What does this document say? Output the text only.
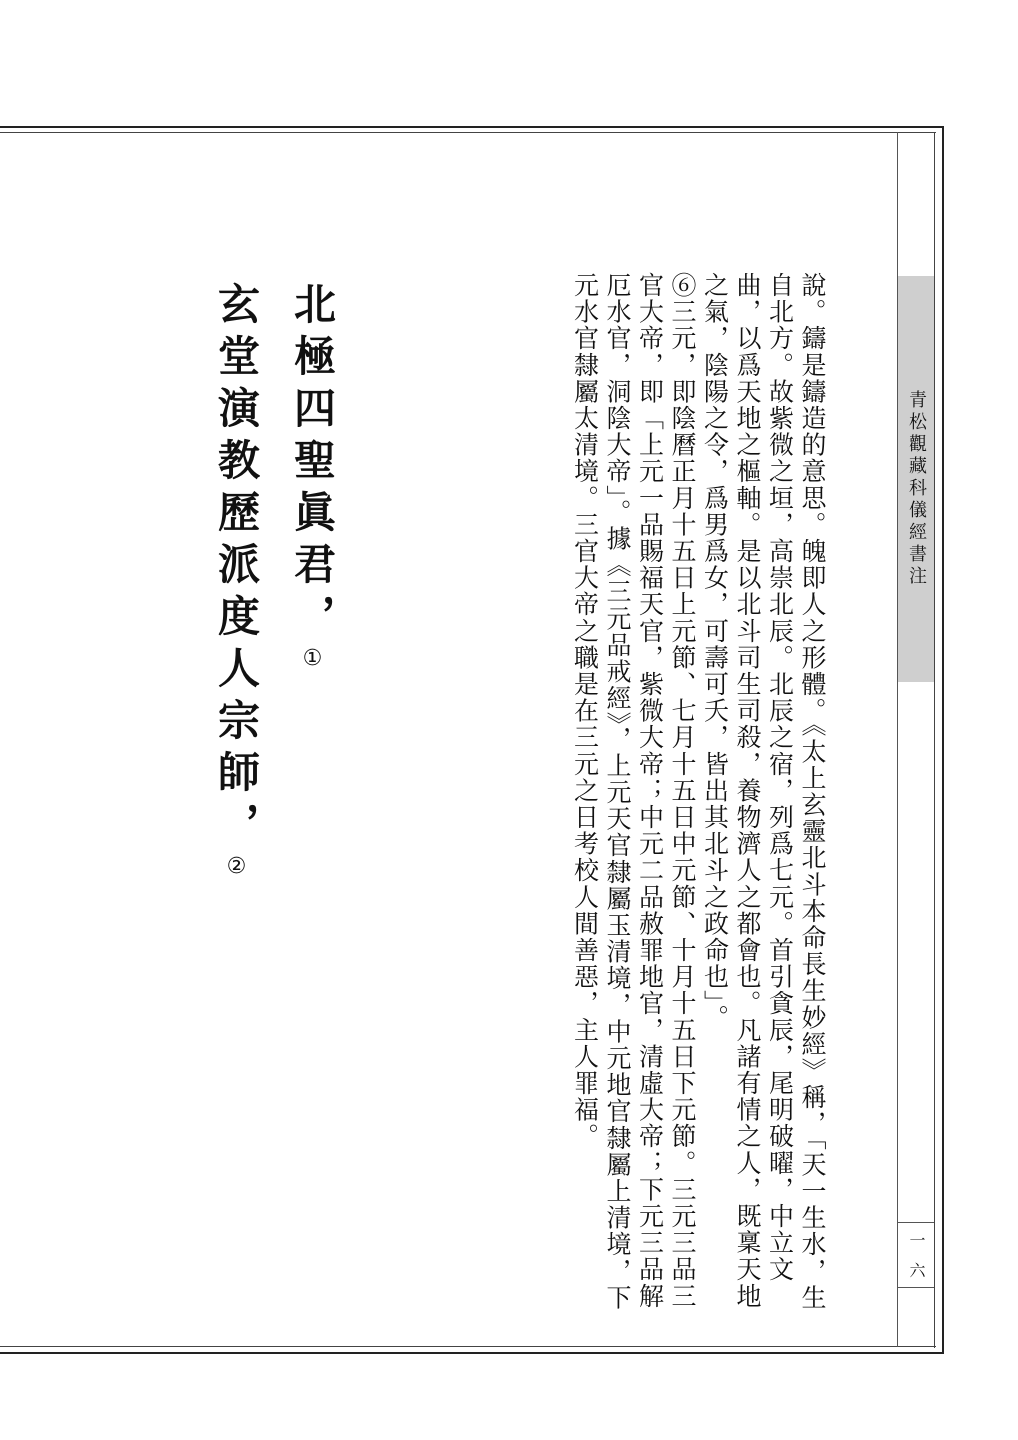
青松觀藏科儀經書注
一六

說。鑄是鑄造的意思。魄即人之形體。《太上玄靈北斗本命長生妙經》稱，「天一生水，生自北方。故紫微之垣，高崇北辰。北辰之宿，列爲七元。首引貪辰，尾明破曜，中立文曲，以爲天地之樞軸。是以北斗司生司殺，養物濟人之都會也。凡諸有情之人，既稟天地之氣，陰陽之令，爲男爲女，可壽可夭，皆出其北斗之政命也」。

⑥三元，即陰曆正月十五日上元節、七月十五日中元節、十月十五日下元節。三元三品三官大帝，即「上元一品賜福天官，紫微大帝；中元二品赦罪地官，清虛大帝；下元三品解厄水官，洞陰大帝」。據《三元品戒經》，上元天官隸屬玉清境，中元地官隸屬上清境，下元水官隸屬太清境。三官大帝之職是在三元之日考校人間善惡，主人罪福。

北極四聖眞君，①
玄堂演教歷派度人宗師，②
